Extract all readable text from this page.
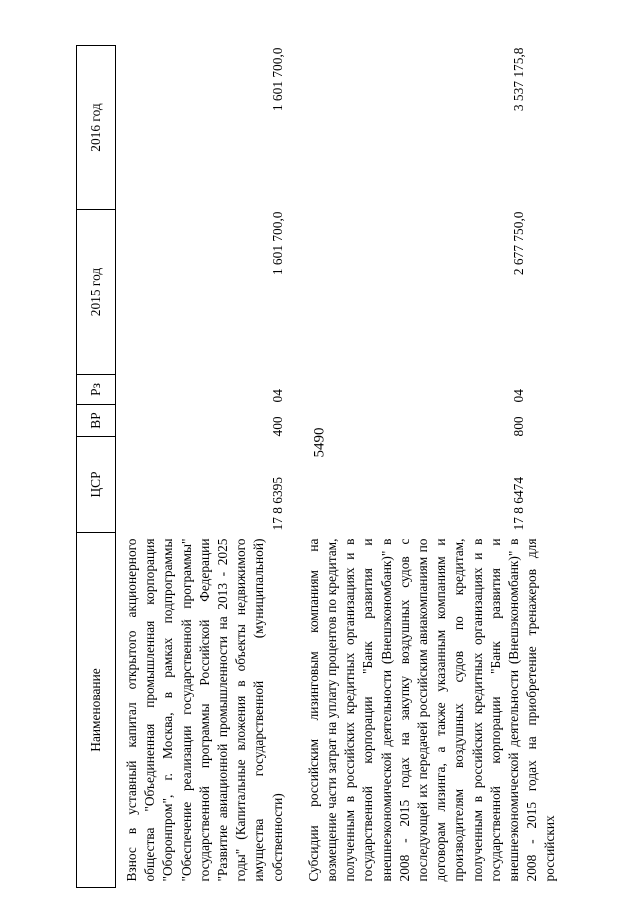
5490
Наименование	ЦСР	ВР	Рз	2015 год	2016 год
Взнос в уставный капитал открытого акционерного общества "Объединенная промышленная корпорация "Оборонпром", г. Москва, в рамках подпрограммы "Обеспечение реализации государственной программы" государственной программы Российской Федерации "Развитие авиационной промышленности на 2013 - 2025 годы" (Капитальные вложения в объекты недвижимого имущества государственной (муниципальной) собственности)	17 8 6395	400	04	1 601 700,0	1 601 700,0
Субсидии российским лизинговым компаниям на возмещение части затрат на уплату процентов по кредитам, полученным в российских кредитных организациях и в государственной корпорации "Банк развития и внешнеэкономической деятельности (Внешэкономбанк)" в 2008 - 2015 годах на закупку воздушных судов с последующей их передачей российским авиакомпаниям по договорам лизинга, а также указанным компаниям и производителям воздушных судов по кредитам, полученным в российских кредитных организациях и в государственной корпорации "Банк развития и внешнеэкономической деятельности (Внешэкономбанк)" в 2008 - 2015 годах на приобретение тренажеров для российских	17 8 6474	800	04	2 677 750,0	3 537 175,8
